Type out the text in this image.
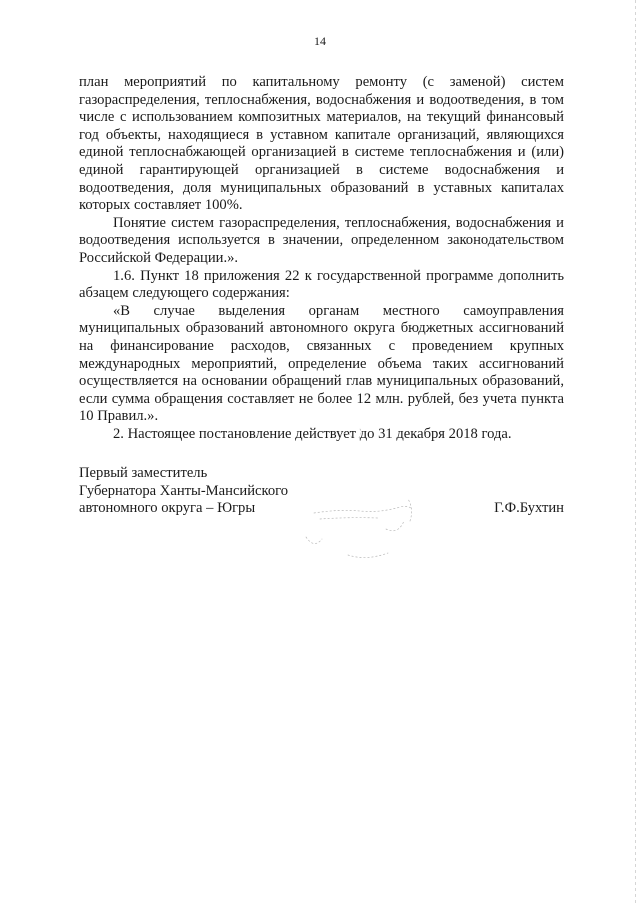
14

план мероприятий по капитальному ремонту (с заменой) систем газораспределения, теплоснабжения, водоснабжения и водоотведения, в том числе с использованием композитных материалов, на текущий финансовый год объекты, находящиеся в уставном капитале организаций, являющихся единой теплоснабжающей организацией в системе теплоснабжения и (или) единой гарантирующей организацией в системе водоснабжения и водоотведения, доля муниципальных образований в уставных капиталах которых составляет 100%.

Понятие систем газораспределения, теплоснабжения, водоснабжения и водоотведения используется в значении, определенном законодательством Российской Федерации.».

1.6. Пункт 18 приложения 22 к государственной программе дополнить абзацем следующего содержания:

«В случае выделения органам местного самоуправления муниципальных образований автономного округа бюджетных ассигнований на финансирование расходов, связанных с проведением крупных международных мероприятий, определение объема таких ассигнований осуществляется на основании обращений глав муниципальных образований, если сумма обращения составляет не более 12 млн. рублей, без учета пункта 10 Правил.».

2. Настоящее постановление действует до 31 декабря 2018 года.

Первый заместитель
Губернатора Ханты-Мансийского
автономного округа – Югры	Г.Ф.Бухтин
